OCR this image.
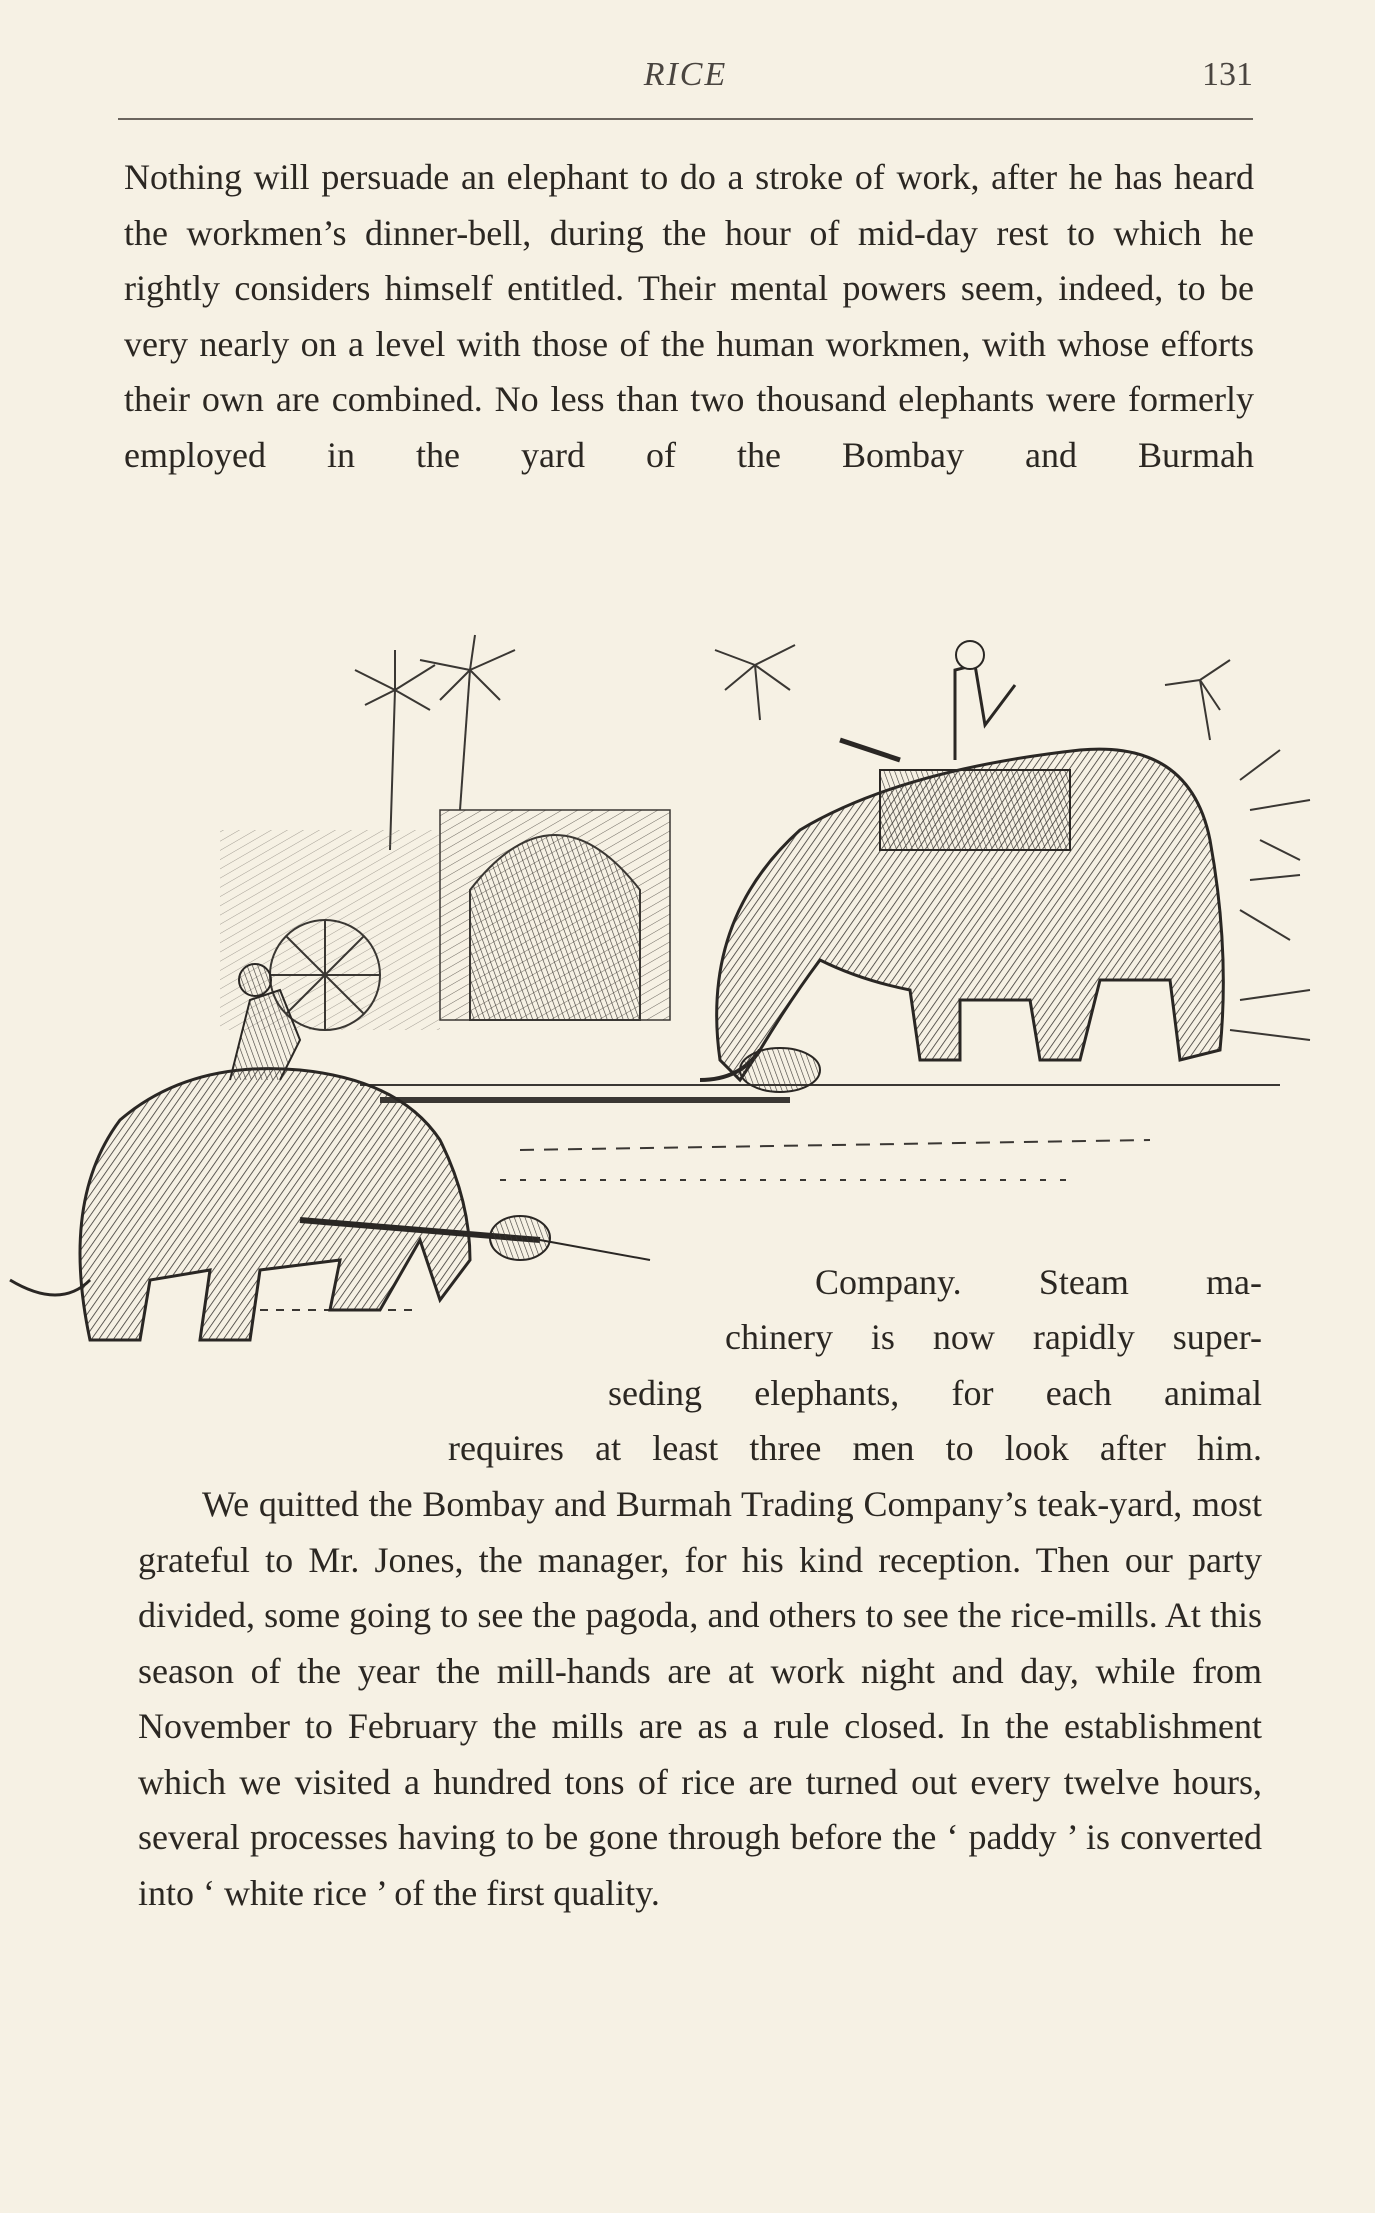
RICE	131

Nothing will persuade an elephant to do a stroke of work, after he has heard the workmen’s dinner-bell, during the hour of mid-day rest to which he rightly considers himself entitled. Their mental powers seem, indeed, to be very nearly on a level with those of the human workmen, with whose efforts their own are combined. No less than two thousand elephants were formerly employed in the yard of the Bombay and Burmah

Company. Steam ma-

chinery is now rapidly super-

seding elephants, for each animal

requires at least three men to look after him.

We quitted the Bombay and Burmah Trading Company’s teak-yard, most grateful to Mr. Jones, the manager, for his kind reception. Then our party divided, some going to see the pagoda, and others to see the rice-mills. At this season of the year the mill-hands are at work night and day, while from November to February the mills are as a rule closed. In the establishment which we visited a hundred tons of rice are turned out every twelve hours, several processes having to be gone through before the ‘ paddy ’ is converted into ‘ white rice ’ of the first quality.
